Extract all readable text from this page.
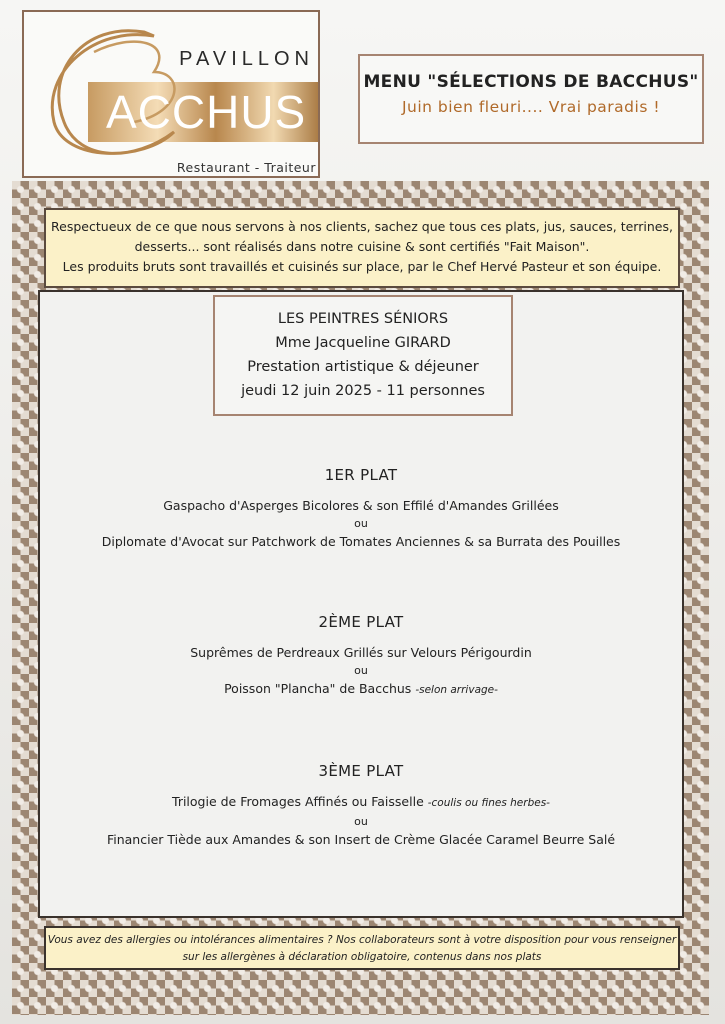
PAVILLON
ACCHUS
Restaurant - Traiteur
MENU "SÉLECTIONS DE BACCHUS"
Juin bien fleuri.... Vrai paradis !
Respectueux de ce que nous servons à nos clients, sachez que tous ces plats, jus, sauces, terrines,
desserts... sont réalisés dans notre cuisine & sont certifiés "Fait Maison".
Les produits bruts sont travaillés et cuisinés sur place, par le Chef Hervé Pasteur et son équipe.
LES PEINTRES SÉNIORS
Mme Jacqueline GIRARD
Prestation artistique & déjeuner
jeudi 12 juin 2025 - 11 personnes
1ER PLAT
Gaspacho d'Asperges Bicolores & son Effilé d'Amandes Grillées
ou
Diplomate d'Avocat sur Patchwork de Tomates Anciennes & sa Burrata des Pouilles
2ÈME PLAT
Suprêmes de Perdreaux Grillés sur Velours Périgourdin
ou
Poisson "Plancha" de Bacchus -selon arrivage-
3ÈME PLAT
Trilogie de Fromages Affinés ou Faisselle -coulis ou fines herbes-
ou
Financier Tiède aux Amandes & son Insert de Crème Glacée Caramel Beurre Salé
Vous avez des allergies ou intolérances alimentaires ? Nos collaborateurs sont à votre disposition pour vous renseigner
sur les allergènes à déclaration obligatoire, contenus dans nos plats
